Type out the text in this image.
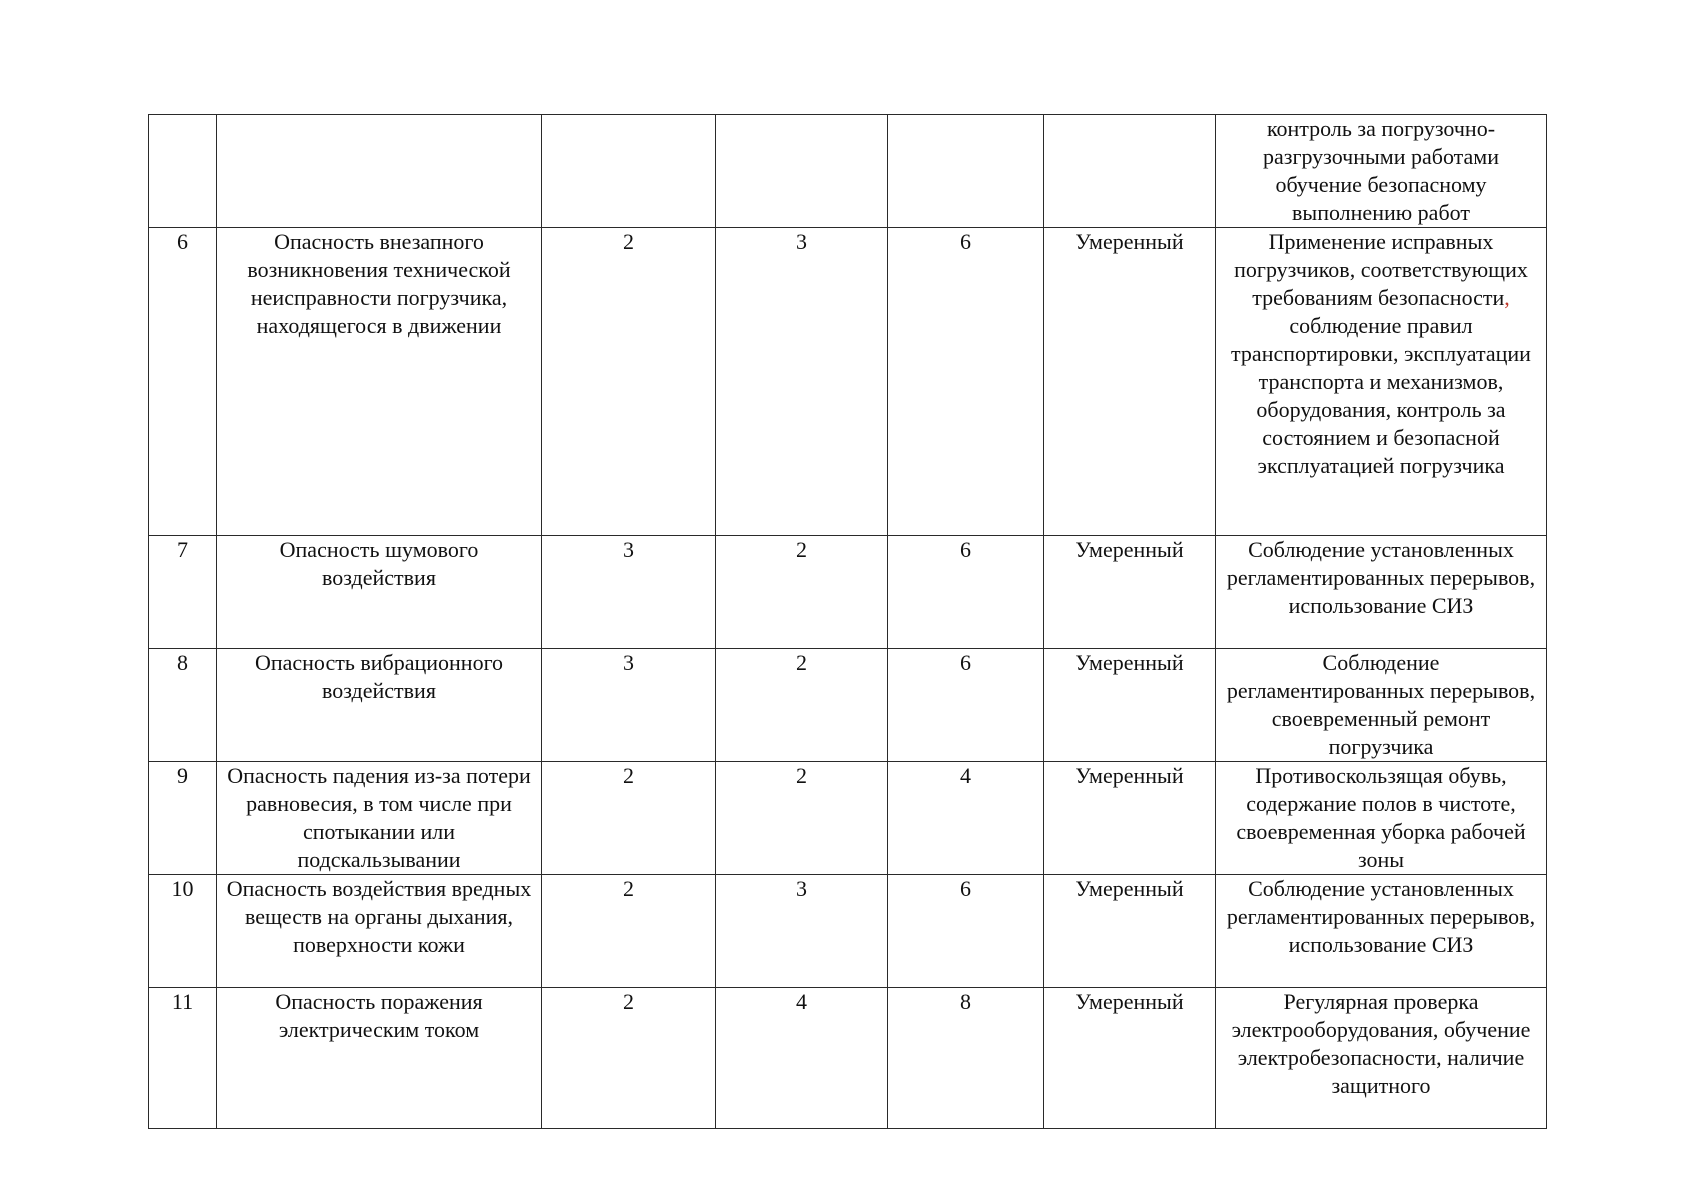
						контроль за погрузочно-разгрузочными работами обучение безопасному выполнению работ
6	Опасность внезапного возникновения технической неисправности погрузчика, находящегося в движении	2	3	6	Умеренный	Применение исправных погрузчиков, соответствующих требованиям безопасности, соблюдение правил транспортировки, эксплуатации транспорта и механизмов, оборудования, контроль за состоянием и безопасной эксплуатацией погрузчика
7	Опасность шумового воздействия	3	2	6	Умеренный	Соблюдение установленных регламентированных перерывов, использование СИЗ
8	Опасность вибрационного воздействия	3	2	6	Умеренный	Соблюдение регламентированных перерывов, своевременный ремонт погрузчика
9	Опасность падения из-за потери равновесия, в том числе при спотыкании или подскальзывании	2	2	4	Умеренный	Противоскользящая обувь, содержание полов в чистоте, своевременная уборка рабочей зоны
10	Опасность воздействия вредных веществ на органы дыхания, поверхности кожи	2	3	6	Умеренный	Соблюдение установленных регламентированных перерывов, использование СИЗ
11	Опасность поражения электрическим током	2	4	8	Умеренный	Регулярная проверка электрооборудования, обучение электробезопасности, наличие защитного
